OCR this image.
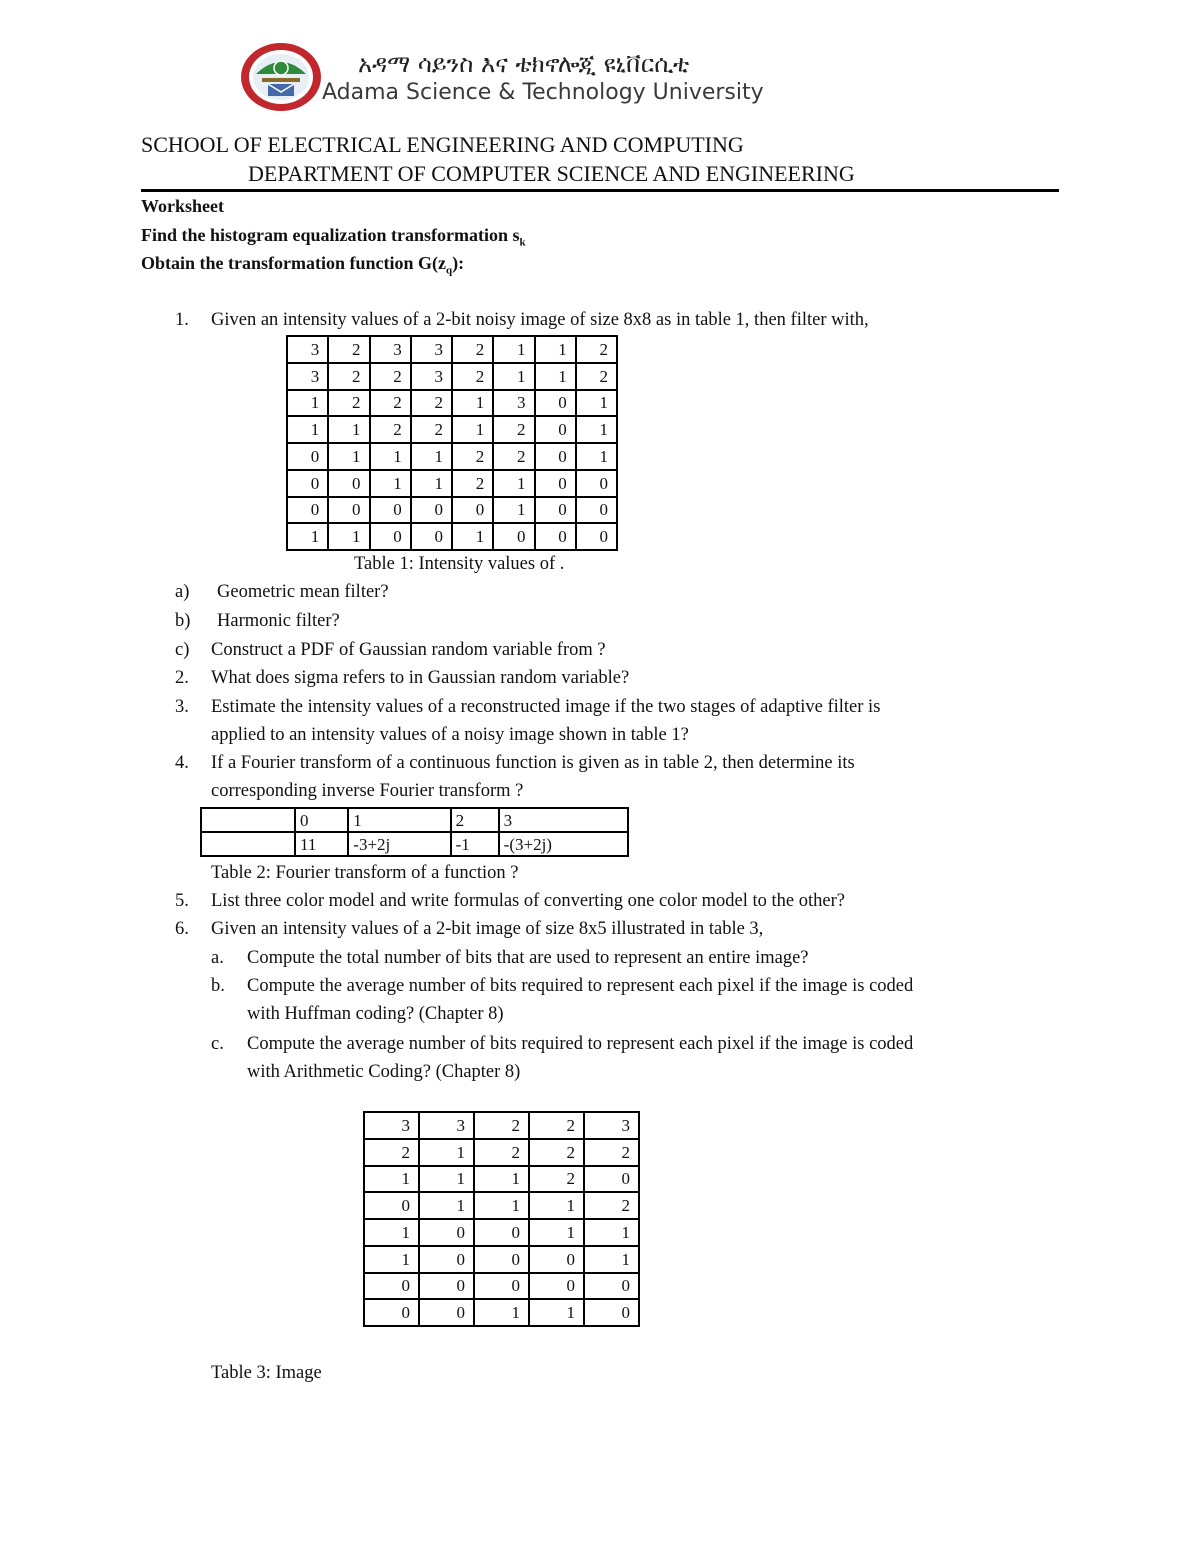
አዳማ ሳይንስ እና ቴክኖሎጂ ዩኒቨርሲቲ
Adama Science & Technology University
SCHOOL OF ELECTRICAL ENGINEERING AND COMPUTING
DEPARTMENT OF COMPUTER SCIENCE AND ENGINEERING
Worksheet
Find the histogram equalization transformation $s_k$
Obtain the transformation function $G(z_q)$:
1. Given an intensity values of a 2-bit noisy image of size 8x8 as in table 1, then filter with,
3	2	3	3	2	1	1	2
3	2	2	3	2	1	1	2
1	2	2	2	1	3	0	1
1	1	2	2	1	2	0	1
0	1	1	1	2	2	0	1
0	0	1	1	2	1	0	0
0	0	0	0	0	1	0	0
1	1	0	0	1	0	0	0
Table 1: Intensity values of .
a) Geometric mean filter?
b) Harmonic filter?
c) Construct a PDF of Gaussian random variable from ?
2. What does sigma refers to in Gaussian random variable?
3. Estimate the intensity values of a reconstructed image if the two stages of adaptive filter is
applied to an intensity values of a noisy image shown in table 1?
4. If a Fourier transform of a continuous function is given as in table 2, then determine its
corresponding inverse Fourier transform ?
	0	1	2	3
	11	-3+2j	-1	-(3+2j)
Table 2: Fourier transform of a function ?
5. List three color model and write formulas of converting one color model to the other?
6. Given an intensity values of a 2-bit image of size 8x5 illustrated in table 3,
a. Compute the total number of bits that are used to represent an entire image?
b. Compute the average number of bits required to represent each pixel if the image is coded
with Huffman coding? (Chapter 8)
c. Compute the average number of bits required to represent each pixel if the image is coded
with Arithmetic Coding? (Chapter 8)
3	3	2	2	3
2	1	2	2	2
1	1	1	2	0
0	1	1	1	2
1	0	0	1	1
1	0	0	0	1
0	0	0	0	0
0	0	1	1	0
Table 3: Image
